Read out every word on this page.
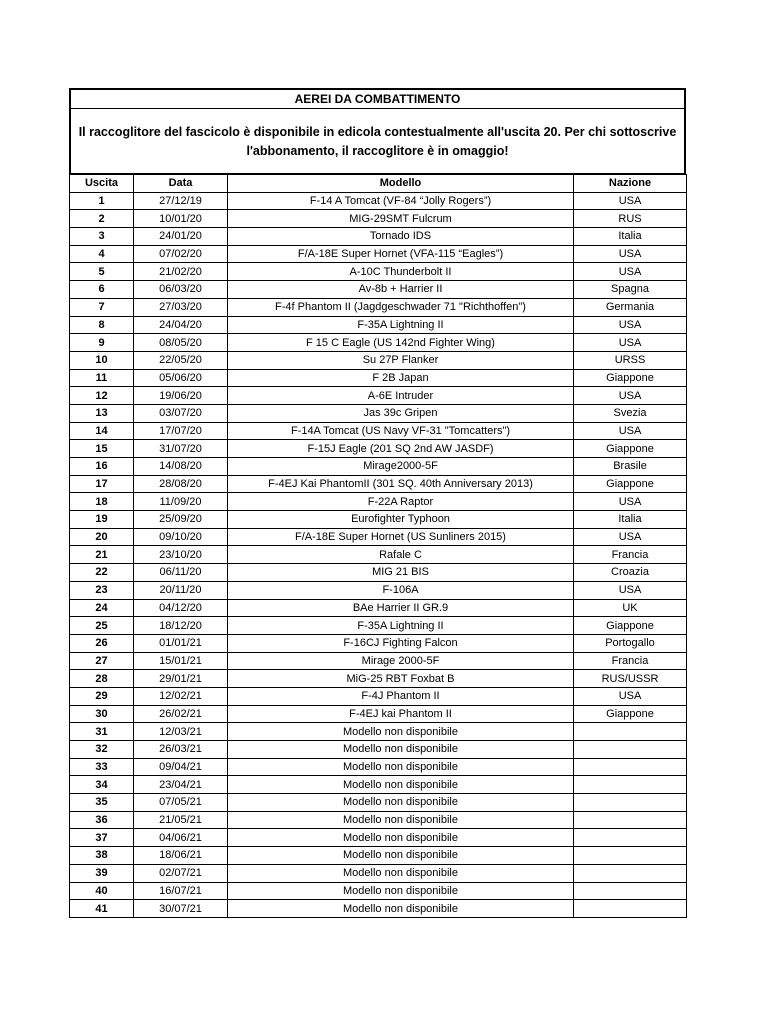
AEREI DA COMBATTIMENTO
Il raccoglitore del fascicolo è disponibile in edicola contestualmente all'uscita 20. Per chi sottoscrive l'abbonamento, il raccoglitore è in omaggio!
Uscita	Data	Modello	Nazione
1	27/12/19	F-14 A Tomcat (VF-84 “Jolly Rogers”)	USA
2	10/01/20	MIG-29SMT Fulcrum	RUS
3	24/01/20	Tornado IDS	Italia
4	07/02/20	F/A-18E Super Hornet (VFA-115 “Eagles”)	USA
5	21/02/20	A-10C Thunderbolt II	USA
6	06/03/20	Av-8b + Harrier II	Spagna
7	27/03/20	F-4f Phantom II (Jagdgeschwader 71 "Richthoffen")	Germania
8	24/04/20	F-35A Lightning II	USA
9	08/05/20	F 15 C Eagle (US 142nd Fighter Wing)	USA
10	22/05/20	Su 27P Flanker	URSS
11	05/06/20	F 2B Japan	Giappone
12	19/06/20	A-6E Intruder	USA
13	03/07/20	Jas 39c Gripen	Svezia
14	17/07/20	F-14A Tomcat (US Navy VF-31 "Tomcatters")	USA
15	31/07/20	F-15J Eagle (201 SQ 2nd AW JASDF)	Giappone
16	14/08/20	Mirage2000-5F	Brasile
17	28/08/20	F-4EJ Kai PhantomII (301 SQ. 40th Anniversary 2013)	Giappone
18	11/09/20	F-22A Raptor	USA
19	25/09/20	Eurofighter Typhoon	Italia
20	09/10/20	F/A-18E Super Hornet (US Sunliners 2015)	USA
21	23/10/20	Rafale C	Francia
22	06/11/20	MIG 21 BIS	Croazia
23	20/11/20	F-106A	USA
24	04/12/20	BAe Harrier II GR.9	UK
25	18/12/20	F-35A Lightning II	Giappone
26	01/01/21	F-16CJ Fighting Falcon	Portogallo
27	15/01/21	Mirage 2000-5F	Francia
28	29/01/21	MiG-25 RBT Foxbat B	RUS/USSR
29	12/02/21	F-4J Phantom II	USA
30	26/02/21	F-4EJ kai Phantom II	Giappone
31	12/03/21	Modello non disponibile	
32	26/03/21	Modello non disponibile	
33	09/04/21	Modello non disponibile	
34	23/04/21	Modello non disponibile	
35	07/05/21	Modello non disponibile	
36	21/05/21	Modello non disponibile	
37	04/06/21	Modello non disponibile	
38	18/06/21	Modello non disponibile	
39	02/07/21	Modello non disponibile	
40	16/07/21	Modello non disponibile	
41	30/07/21	Modello non disponibile	
